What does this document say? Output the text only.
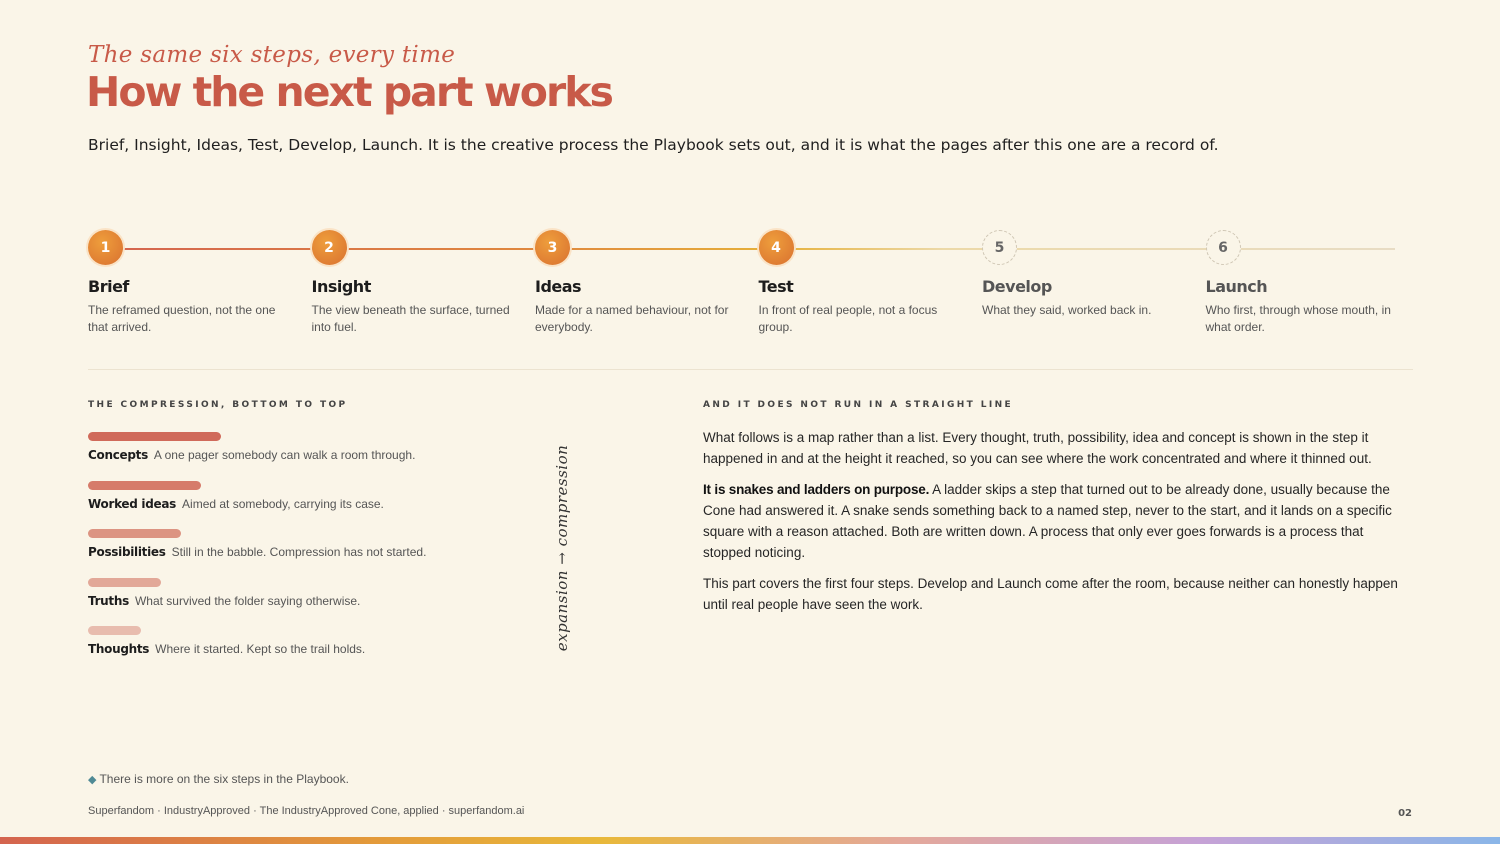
The same six steps, every time
How the next part works

Brief, Insight, Ideas, Test, Develop, Launch. It is the creative process the Playbook sets out, and it is what the pages after this one are a record of.

1
Brief
The reframed question, not the one that arrived.
2
Insight
The view beneath the surface, turned into fuel.
3
Ideas
Made for a named behaviour, not for everybody.
4
Test
In front of real people, not a focus group.
5
Develop
What they said, worked back in.
6
Launch
Who first, through whose mouth, in what order.
THE COMPRESSION, BOTTOM TO TOP
Concepts A one pager somebody can walk a room through.
Worked ideas Aimed at somebody, carrying its case.
Possibilities Still in the babble. Compression has not started.
Truths What survived the folder saying otherwise.
Thoughts Where it started. Kept so the trail holds.	expansion → compression
AND IT DOES NOT RUN IN A STRAIGHT LINE

What follows is a map rather than a list. Every thought, truth, possibility, idea and concept is shown in the step it happened in and at the height it reached, so you can see where the work concentrated and where it thinned out.

It is snakes and ladders on purpose. A ladder skips a step that turned out to be already done, usually because the Cone had answered it. A snake sends something back to a named step, never to the start, and it lands on a specific square with a reason attached. Both are written down. A process that only ever goes forwards is a process that stopped noticing.

This part covers the first four steps. Develop and Launch come after the room, because neither can honestly happen until real people have seen the work.

◆ There is more on the six steps in the Playbook.
Superfandom · IndustryApproved · The IndustryApproved Cone, applied · superfandom.ai	02
